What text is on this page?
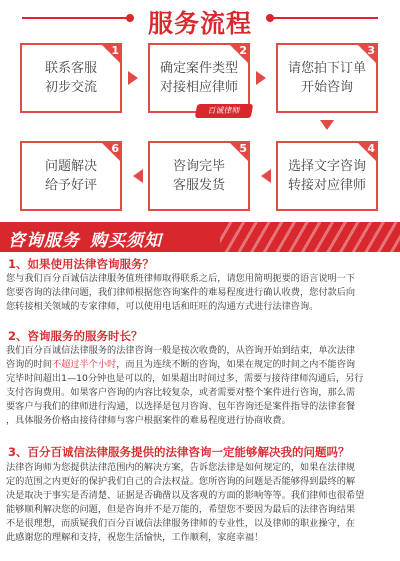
服务流程
1
联系客服
初步交流
2
确定案件类型
对接相应律师
3
请您拍下订单
开始咨询
百诚律师
4
选择文字咨询
转接对应律师
5
咨询完毕
客服发货
6
问题解决
给予好评
咨询服务 购买须知
1、如果使用法律咨询服务？
您与我们百分百诚信法律服务值班律师取得联系之后，请您用简明扼要的语言说明一下
您要咨询的法律问题，我们律师根据您咨询案件的难易程度进行确认收费，您付款后向
您转接相关领域的专家律师，可以使用电话和旺旺的沟通方式进行法律咨询。
2、咨询服务的服务时长？
我们百分百诚信法律服务的法律咨询一般是按次收费的，从咨询开始到结束，单次法律
咨询的时间不超过半个小时，而且为连续不断的咨询，如果在规定的时间之内不能咨询
完毕时间超出1—10分钟也是可以的，如果超出时间过多，需要与接待律师沟通后，另行
支付咨询费用。如果客户咨询的内容比较复杂，或者需要对整个案件进行咨询，那么需
要客户与我们的律师进行沟通，以选择是包月咨询、包年咨询还是案件指导的法律套餐
，具体服务价格由接待律师与客户根据案件的难易程度进行协商收费。
3、百分百诚信法律服务提供的法律咨询一定能够解决我的问题吗？
法律咨询师为您提供法律范围内的解决方案，告诉您法律是如何规定的，如果在法律规
定的范围之内更好的保护我们自己的合法权益。您所咨询的问题是否能够得到最终的解
决是取决于事实是否清楚、证据是否确凿以及客观的方面的影响等等。我们律师也很希望
能够顺利解决您的问题，但是咨询并不是万能的，希望您不要因为最后的法律咨询结果
不是很理想，而质疑我们百分百诚信法律服务律师的专业性，以及律师的职业操守，在
此感谢您的理解和支持，祝您生活愉快，工作顺利，家庭幸福！
